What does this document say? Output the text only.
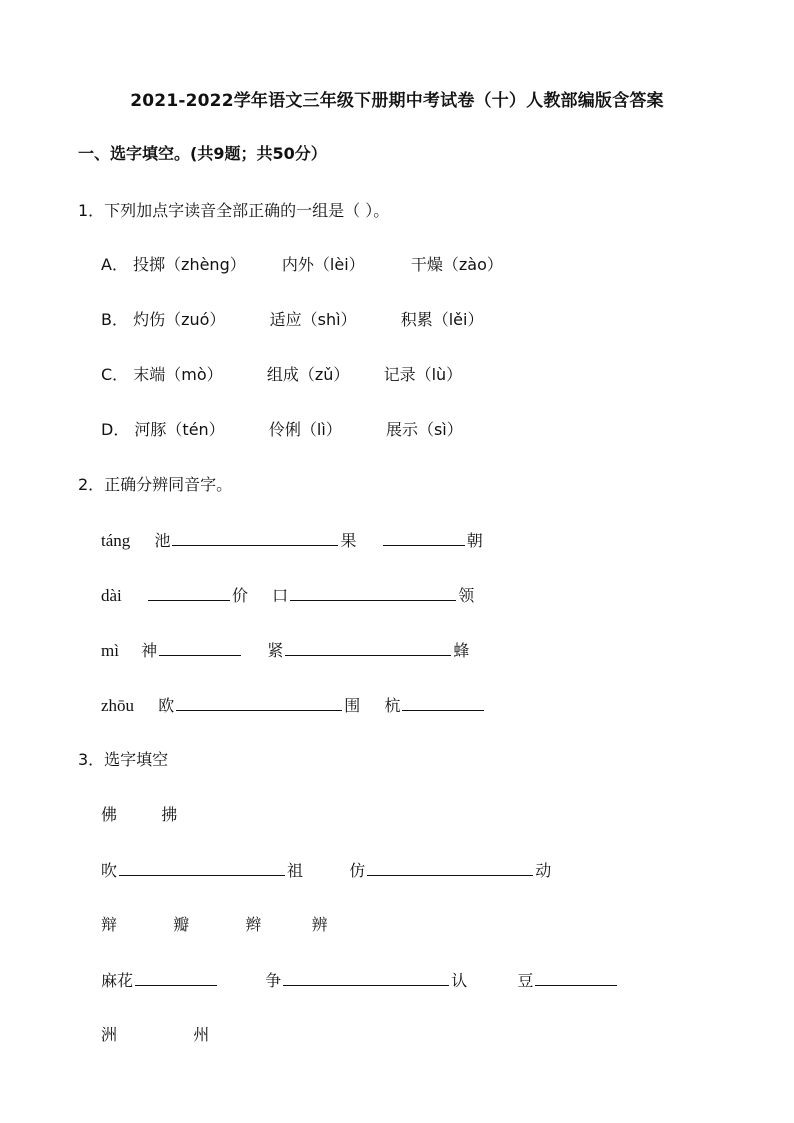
2021-2022学年语文三年级下册期中考试卷（十）人教部编版含答案
一、选字填空。(共9题；共50分）
1．下列加点字读音全部正确的一组是（ ）。
A． 投掷（zhèng） 内外（lèi）	干燥（zào）
B． 灼伤（zuó）	适应（shì）	积累（lěi）
C． 末端（mò）	组成（zǔ） 记录（lù）
D． 河豚（tén）	伶俐（lì）	展示（sì）
2．正确分辨同音字。
táng 池	果	朝
dài	价 口	领
mì 神	紧	蜂
zhōu 欧	围 杭
3．选字填空
佛	拂
吹	祖	仿	动
辩	瓣	辫	辨
麻花	争	认	豆
洲	州
